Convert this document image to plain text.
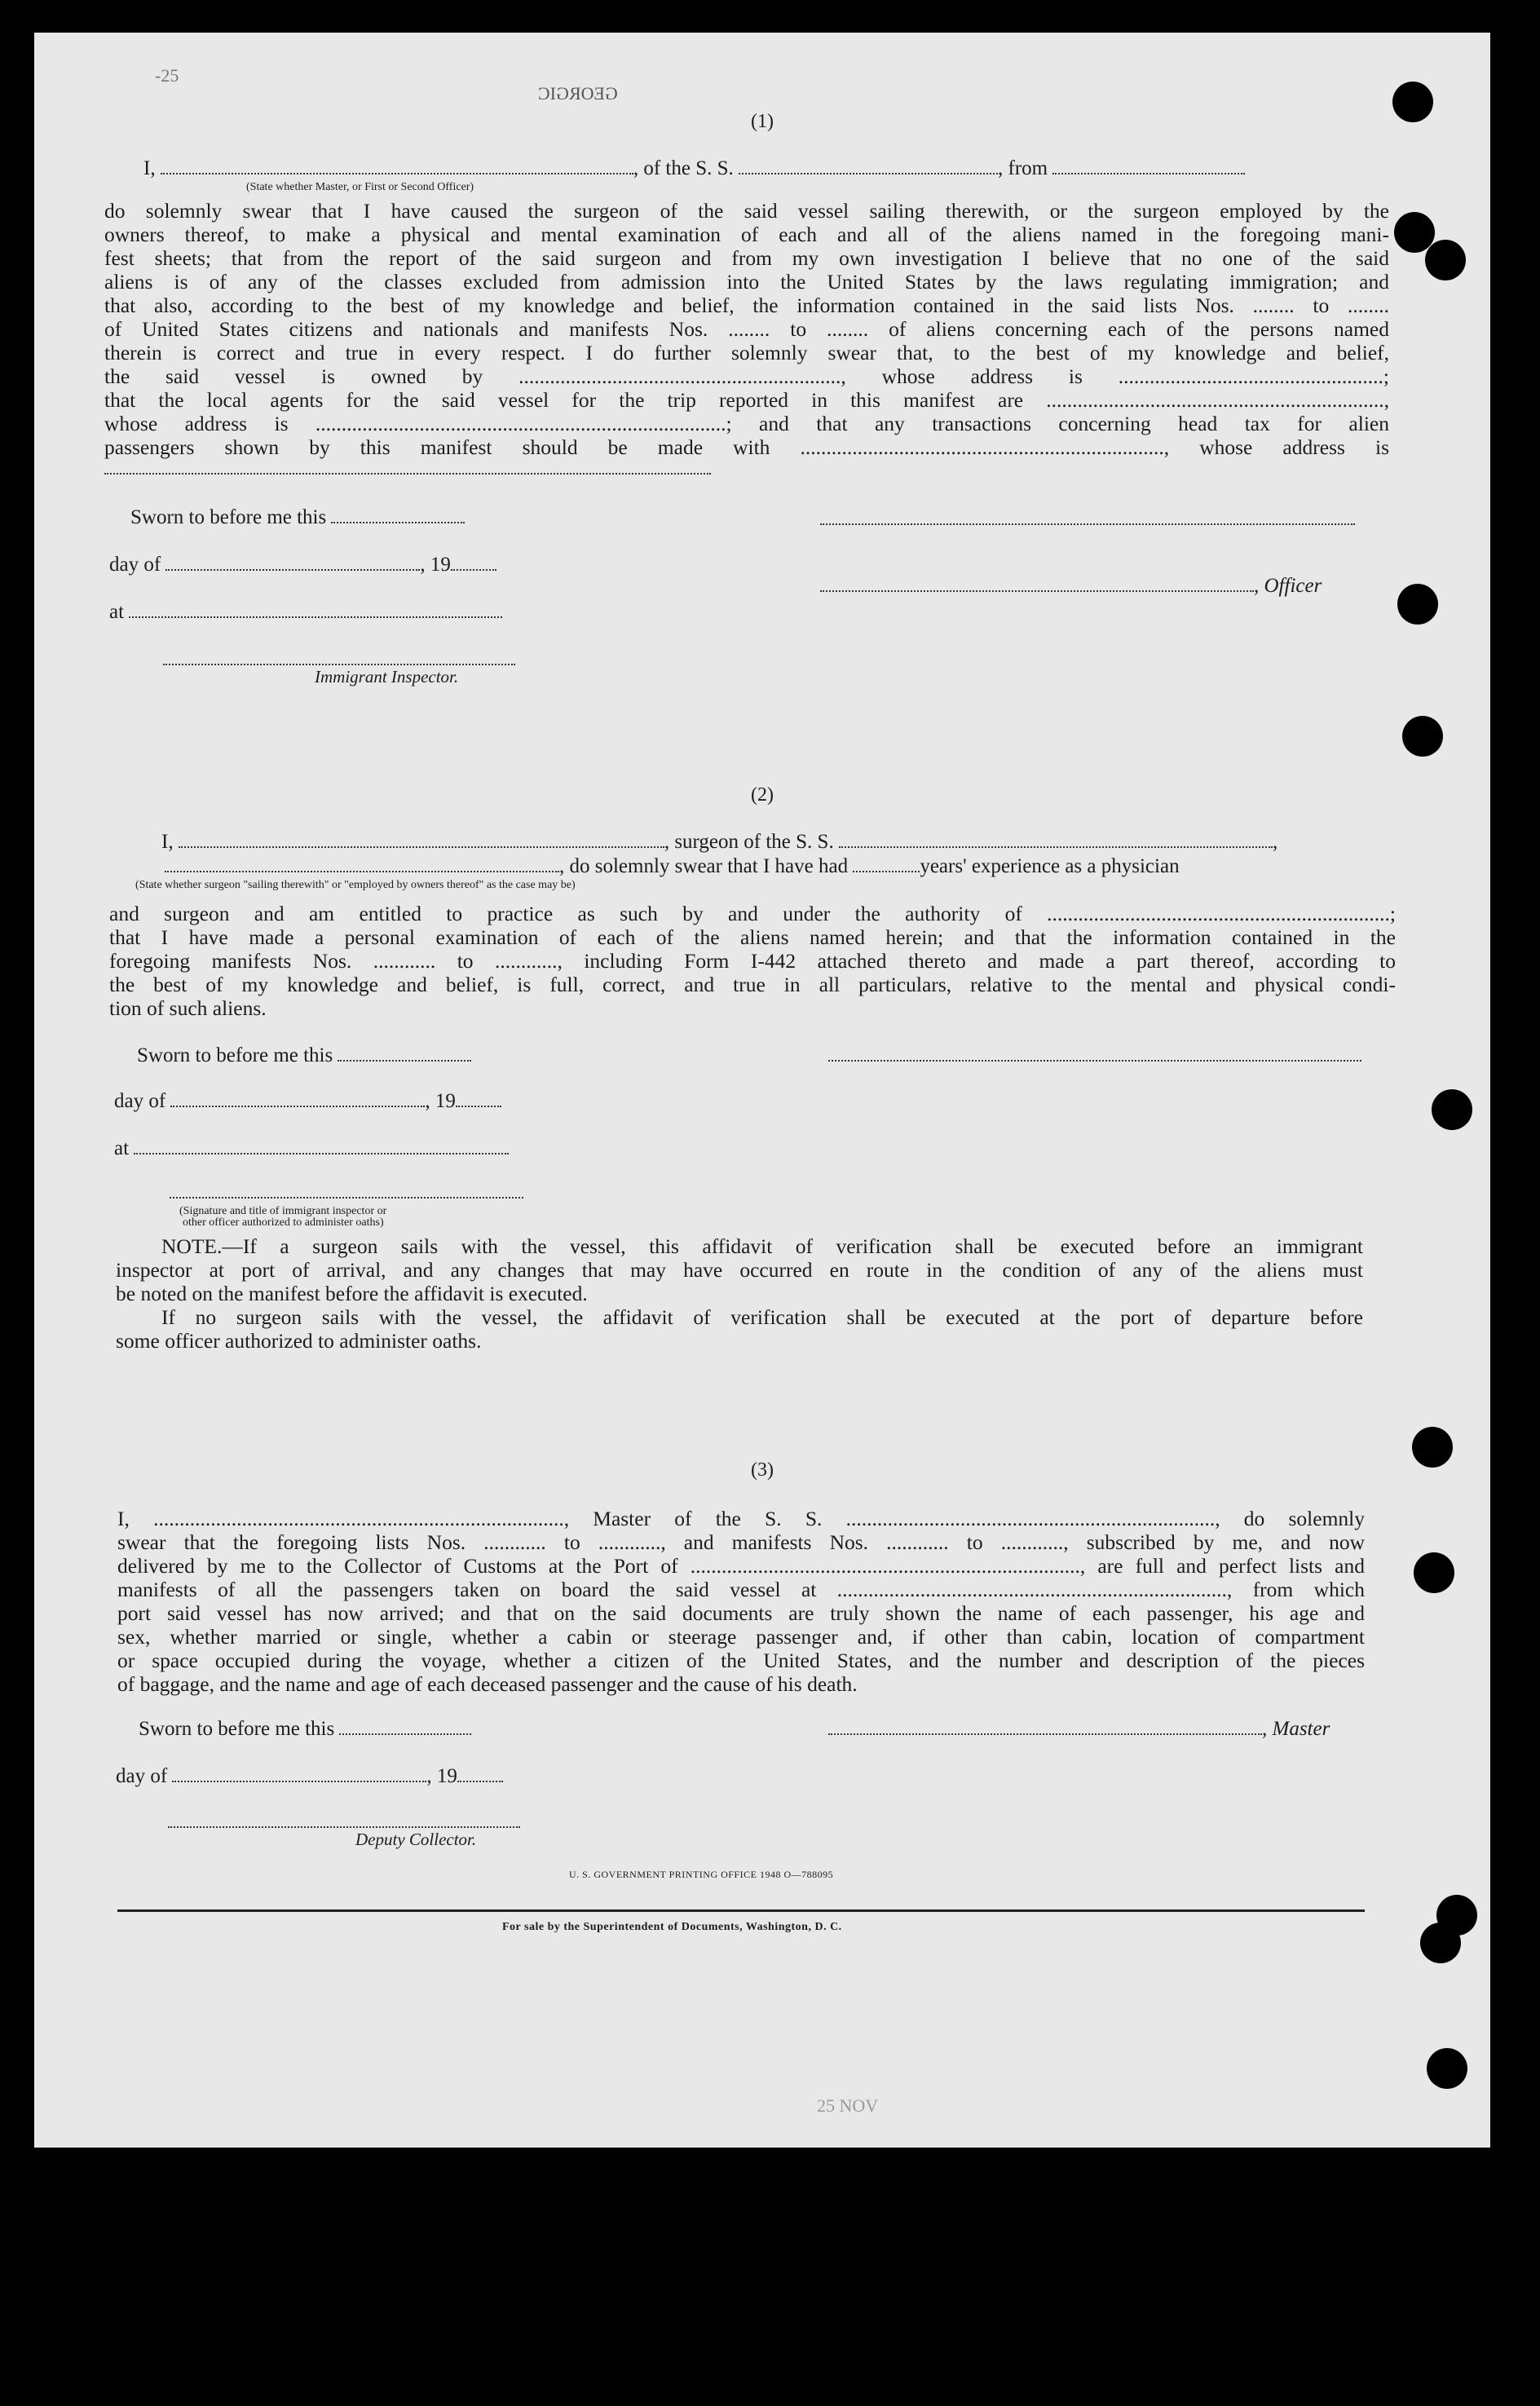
-25
GEORGIC
(1)
I,	, of the S. S.	, from
(State whether Master, or First or Second Officer)
do solemnly swear that I have caused the surgeon of the said vessel sailing therewith, or the surgeon employed by the
owners thereof, to make a physical and mental examination of each and all of the aliens named in the foregoing mani-
fest sheets; that from the report of the said surgeon and from my own investigation I believe that no one of the said
aliens is of any of the classes excluded from admission into the United States by the laws regulating immigration; and
that also, according to the best of my knowledge and belief, the information contained in the said lists Nos. ........ to ........
of United States citizens and nationals and manifests Nos. ........ to ........ of aliens concerning each of the persons named
therein is correct and true in every respect. I do further solemnly swear that, to the best of my knowledge and belief,
the said vessel is owned by .............................................................., whose address is ...................................................;
that the local agents for the said vessel for the trip reported in this manifest are .................................................................,
whose address is ...............................................................................; and that any transactions concerning head tax for alien
passengers shown by this manifest should be made with ......................................................................, whose address is
Sworn to before me this
day of	, 19
, Officer
at
Immigrant Inspector.
(2)
I,	, surgeon of the S. S.	,
, do solemnly swear that I have had	years' experience as a physician
(State whether surgeon "sailing therewith" or "employed by owners thereof" as the case may be)
and surgeon and am entitled to practice as such by and under the authority of ..................................................................;
that I have made a personal examination of each of the aliens named herein; and that the information contained in the
foregoing manifests Nos. ............ to ............, including Form I-442 attached thereto and made a part thereof, according to
the best of my knowledge and belief, is full, correct, and true in all particulars, relative to the mental and physical condi-
tion of such aliens.
Sworn to before me this
day of	, 19
at
(Signature and title of immigrant inspector or
other officer authorized to administer oaths)
NOTE.—If a surgeon sails with the vessel, this affidavit of verification shall be executed before an immigrant
inspector at port of arrival, and any changes that may have occurred en route in the condition of any of the aliens must
be noted on the manifest before the affidavit is executed.
If no surgeon sails with the vessel, the affidavit of verification shall be executed at the port of departure before
some officer authorized to administer oaths.
(3)
I, ..............................................................................., Master of the S. S. ......................................................................., do solemnly
swear that the foregoing lists Nos. ............ to ............, and manifests Nos. ............ to ............, subscribed by me, and now
delivered by me to the Collector of Customs at the Port of ..........................................................................., are full and perfect lists and
manifests of all the passengers taken on board the said vessel at ..........................................................................., from which
port said vessel has now arrived; and that on the said documents are truly shown the name of each passenger, his age and
sex, whether married or single, whether a cabin or steerage passenger and, if other than cabin, location of compartment
or space occupied during the voyage, whether a citizen of the United States, and the number and description of the pieces
of baggage, and the name and age of each deceased passenger and the cause of his death.
Sworn to before me this	, Master
day of	, 19
Deputy Collector.
U. S. GOVERNMENT PRINTING OFFICE 1948 O—788095
For sale by the Superintendent of Documents, Washington, D. C.
25 NOV
